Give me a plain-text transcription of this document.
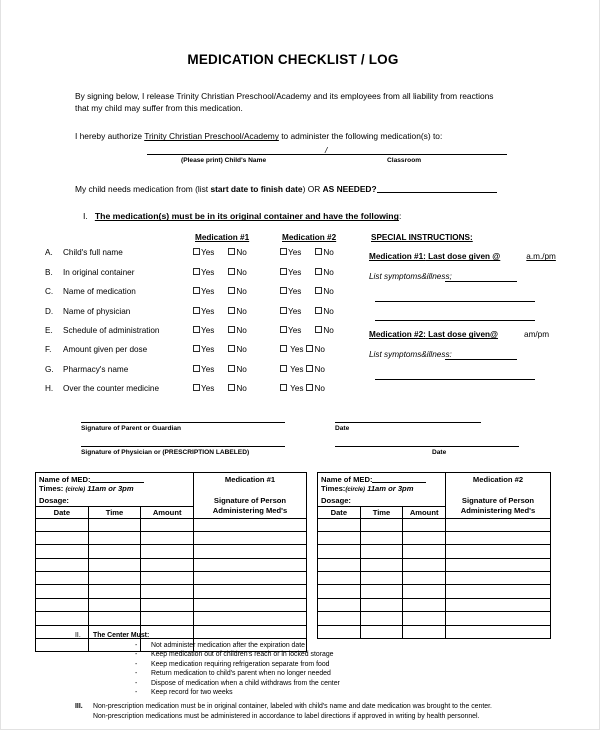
MEDICATION CHECKLIST / LOG
By signing below, I release Trinity Christian Preschool/Academy and its employees from all liability from reactions that my child may suffer from this medication.
I hereby authorize Trinity Christian Preschool/Academy to administer the following medication(s) to:
/
(Please print) Child's Name	Classroom
My child needs medication from (list start date to finish date) OR AS NEEDED?
I. The medication(s) must be in its original container and have the following:
Medication #1	Medication #2	SPECIAL INSTRUCTIONS:
A. Child's full name	Yes	No	Yes	No
B. In original container	Yes	No	Yes	No
C. Name of medication	Yes	No	Yes	No
D. Name of physician	Yes	No	Yes	No
E. Schedule of administration	Yes	No	Yes	No
F. Amount given per dose	Yes	No	Yes No
G. Pharmacy's name	Yes	No	Yes No
H. Over the counter medicine	Yes	No	Yes No
Medication #1: Last dose given @	a.m./pm
List symptoms&illness;
Medication #2: Last dose given@	am/pm
List symptoms&illness:
Signature of Parent or Guardian	Date
Signature of Physician or (PRESCRIPTION LABELED)	Date
Name of MED:
Times: (circle) 11am or 3pm
Dosage:			Medication #1

Signature of Person
Administering Med's
Date	Time	Amount	

Name of MED:
Times:(circle) 11am or 3pm
Dosage:			Medication #2

Signature of Person
Administering Med's
Date	Time	Amount	

II. The Center Must:
- Not administer medication after the expiration date
- Keep medication out of children's reach or in locked storage
- Keep medication requiring refrigeration separate from food
- Return medication to child's parent when no longer needed
- Dispose of medication when a child withdraws from the center
- Keep record for two weeks
III. Non-prescription medication must be in original container, labeled with child's name and date medication was brought to the center. Non-prescription medications must be administered in accordance to label directions if approved in writing by health personnel.
